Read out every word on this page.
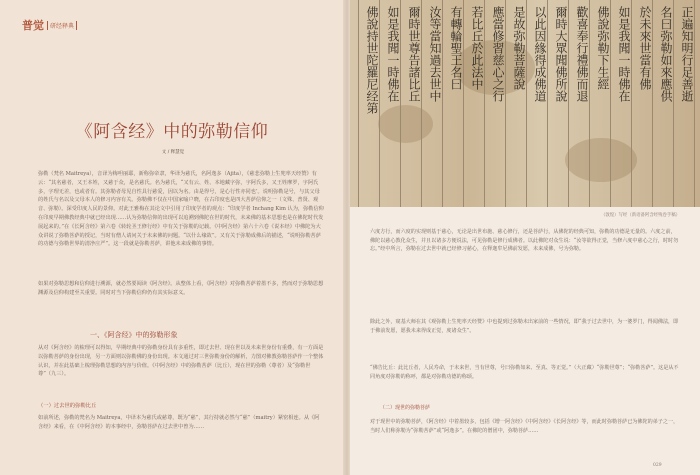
普觉	研经释典
《阿含经》中的弥勒信仰
文 / 释慧觉

弥勒（梵名 Maitreya），音译为梅呾丽耶，新称弥帝隶，华译为慈氏，名阿逸多（Ajita），《慈悲弥勒上生兜率天经赞》有云：“其名慈者，又王本姓，又慈于众，是名慈氏。名为慈氏，“又有云、姓、本地藏字弥，字阿氏多，又王姓摩罗，字阿氏多，字理无差，也或者有。其弥勒者母见自性具行慈爱，因以为名。由是得号，是心行性亦同也’。说明弥勒是号，与其父母的姓氏与名以及父母本人的修习内容有关。弥勒佛不仅在中国家喻户晓，在古印度也是四大菩萨信仰之一（文殊、普贤、观音、弥勒）。深受印度人民的景仰。对此王雅梅在其论文中引用了印度学者的观点：“印度学者 Inchang Kim 认为，弥勒信仰在印度早期佛教经典中就已经出现……认为弥勒信仰的出现可以追溯到佛陀在世的时代，未来佛的基本思想也是在佛陀时代发展起来的。”在《长阿含经》第六卷《转轮圣王修行经》中有关于弥勒的记载。《中阿含经》第六十六卷《说本经》中佛陀为大众讲说了弥勒菩萨的授记，当时有僧人请问关于未来佛的问题。“以什么缘故”。又有关于弥勒成佛后的描述，“说明弥勒菩萨的功德与弥勒世界的清净庄严”。这一段就是弥勒菩萨，讲他未来成佛的事情。

如果对弥勒思想和信仰进行溯源，就必然要阅读《阿含经》。从整体上看，《阿含经》对弥勒菩萨着墨不多，然而对于弥勒思想渊源及信仰构建至关重要。同时对当下弥勒信仰仍有其实际意义。

一、《阿含经》中的弥勒形象

从对《阿含经》的梳理可以得知，早期经典中的弥勒身份具有多重性，即过去世、现在世以及未来世身份有重叠，有一方面是以弥勒菩萨的身份出现，另一方面则以弥勒佛的身份出现。本文通过对三世弥勒身份的解析，力图对佛教弥勒菩萨作一个整体认识，并在此基础上梳理弥勒思想的内容与价值。《中阿含经》中的弥勒菩萨（比丘），现在世的弥勒（尊者）及“弥勒世尊”（九三）。

（一）过去世的弥勒比丘

如前所述，弥勒的梵名为 Maitreya，中译本为慈氏或慈尊，既为“慈”，其行持就必然与“慈”（maitry）紧密相连。从《阿含经》来看，在《中阿含经》的本事经中，弥勒菩萨在过去世中曾为……

佛說持世陀羅尼经第 如是我聞一時佛在 爾時世尊告諸比丘 汝等當知過去世中 有轉輪聖王名曰 若比丘於此法中 應當修習慈心之行 是故弥勒菩薩說 以此因緣得成佛道 爾時大眾聞佛所說 歡喜奉行禮佛而退 佛說弥勒下生經 如是我聞一時佛在 於未來世當有佛 名曰弥勒如來應供 正遍知明行足善逝
（敦煌）写经（新语备阿含经残卷手稿）

六度方行，而六度的实现则基于慈心，无论是出世布施、慈心修行，还是菩萨行，从佛陀的经典可知，弥勒的功德是无量的。六度之前，佛陀以慈心教化众生，并且以诸多方便说法，可见弥勒是修行成佛者。以此佛陀对众生说：“汝等欲得正觉，当修六度中慈心之行，时时勿忘。”经中所言，弥勒在过去世中就已经修习慈心，在释迦牟尼佛前发愿，未来成佛，号为弥勒。

除此之外，窥基大师在其《观弥勒上生兜率天经赞》中也提到过弥勒未出家前的一些情况，即“我于过去世中，为一婆罗门，得闻佛法，即于佛前发愿，愿我未来得成正觉，度诸众生”。

“佛告比丘：此比丘者，人民寿命，于未来世，当有世尊，号曰弥勒如来、至真、等正觉。”（大正藏）“弥勒世尊”；“弥勒菩萨”。这是从不同角度对弥勒的称呼，都是对弥勒功德的称颂。

（二）现世的弥勒菩萨

对于现世中的弥勒菩萨，《阿含经》中着墨较多，包括《增一阿含经》《中阿含经》《长阿含经》等，而此时弥勒菩萨已为佛陀的弟子之一，当时人们称弥勒为“弥勒菩萨”或“阿逸多”。在佛陀的僧团中，弥勒菩萨……

029
